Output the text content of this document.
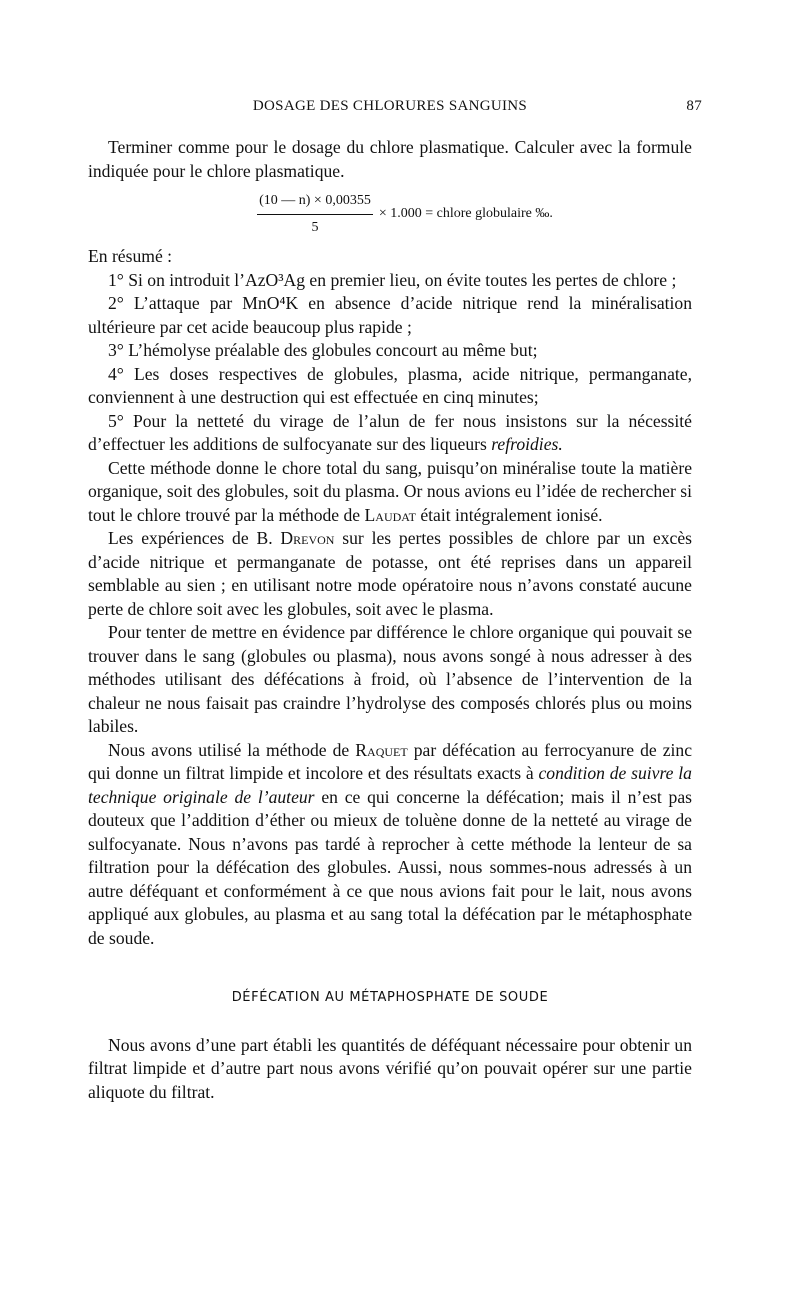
DOSAGE DES CHLORURES SANGUINS	87

Terminer comme pour le dosage du chlore plasmatique. Calculer avec la formule indiquée pour le chlore plasmatique.

$\frac{(10 — n) \times 0,00355}{5} \times 1.000$ = chlore globulaire ‰.

En résumé :

1° Si on introduit l’AzO³Ag en premier lieu, on évite toutes les pertes de chlore ;

2° L’attaque par MnO⁴K en absence d’acide nitrique rend la minéralisation ultérieure par cet acide beaucoup plus rapide ;

3° L’hémolyse préalable des globules concourt au même but;

4° Les doses respectives de globules, plasma, acide nitrique, permanganate, conviennent à une destruction qui est effectuée en cinq minutes;

5° Pour la netteté du virage de l’alun de fer nous insistons sur la nécessité d’effectuer les additions de sulfocyanate sur des liqueurs refroidies.

Cette méthode donne le chore total du sang, puisqu’on minéralise toute la matière organique, soit des globules, soit du plasma. Or nous avions eu l’idée de rechercher si tout le chlore trouvé par la méthode de Laudat était intégralement ionisé.

Les expériences de B. Drevon sur les pertes possibles de chlore par un excès d’acide nitrique et permanganate de potasse, ont été reprises dans un appareil semblable au sien ; en utilisant notre mode opératoire nous n’avons constaté aucune perte de chlore soit avec les globules, soit avec le plasma.

Pour tenter de mettre en évidence par différence le chlore organique qui pouvait se trouver dans le sang (globules ou plasma), nous avons songé à nous adresser à des méthodes utilisant des défécations à froid, où l’absence de l’intervention de la chaleur ne nous faisait pas craindre l’hydrolyse des composés chlorés plus ou moins labiles.

Nous avons utilisé la méthode de Raquet par défécation au ferrocyanure de zinc qui donne un filtrat limpide et incolore et des résultats exacts à condition de suivre la technique originale de l’auteur en ce qui concerne la défécation; mais il n’est pas douteux que l’addition d’éther ou mieux de toluène donne de la netteté au virage de sulfocyanate. Nous n’avons pas tardé à reprocher à cette méthode la lenteur de sa filtration pour la défécation des globules. Aussi, nous sommes-nous adressés à un autre déféquant et conformément à ce que nous avions fait pour le lait, nous avons appliqué aux globules, au plasma et au sang total la défécation par le métaphosphate de soude.

DÉFÉCATION AU MÉTAPHOSPHATE DE SOUDE

Nous avons d’une part établi les quantités de déféquant nécessaire pour obtenir un filtrat limpide et d’autre part nous avons vérifié qu’on pouvait opérer sur une partie aliquote du filtrat.
